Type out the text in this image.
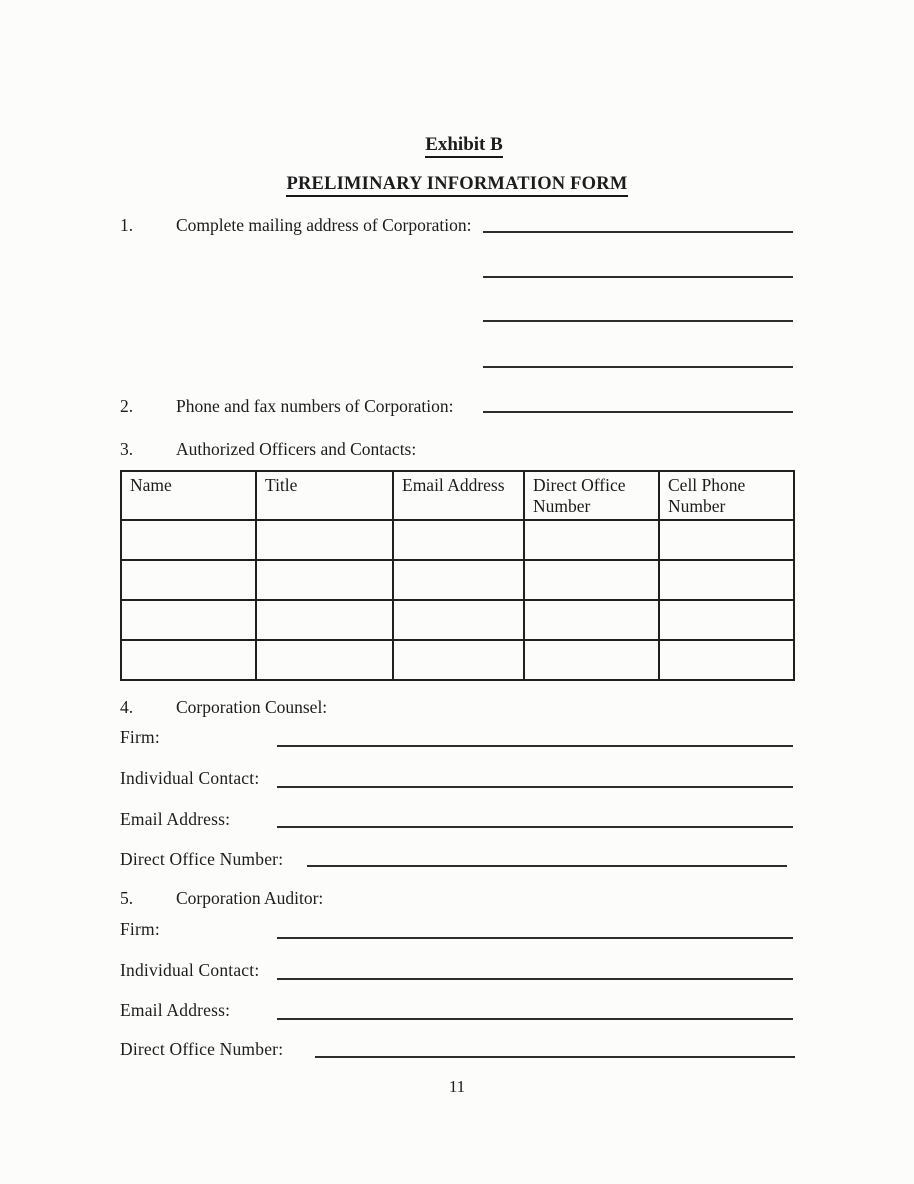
Exhibit B
PRELIMINARY INFORMATION FORM
1. Complete mailing address of Corporation:
2. Phone and fax numbers of Corporation:
3. Authorized Officers and Contacts:
Name	Title	Email Address	Direct Office Number	Cell Phone Number

4. Corporation Counsel:
Firm:
Individual Contact:
Email Address:
Direct Office Number:
5. Corporation Auditor:
Firm:
Individual Contact:
Email Address:
Direct Office Number:
11
